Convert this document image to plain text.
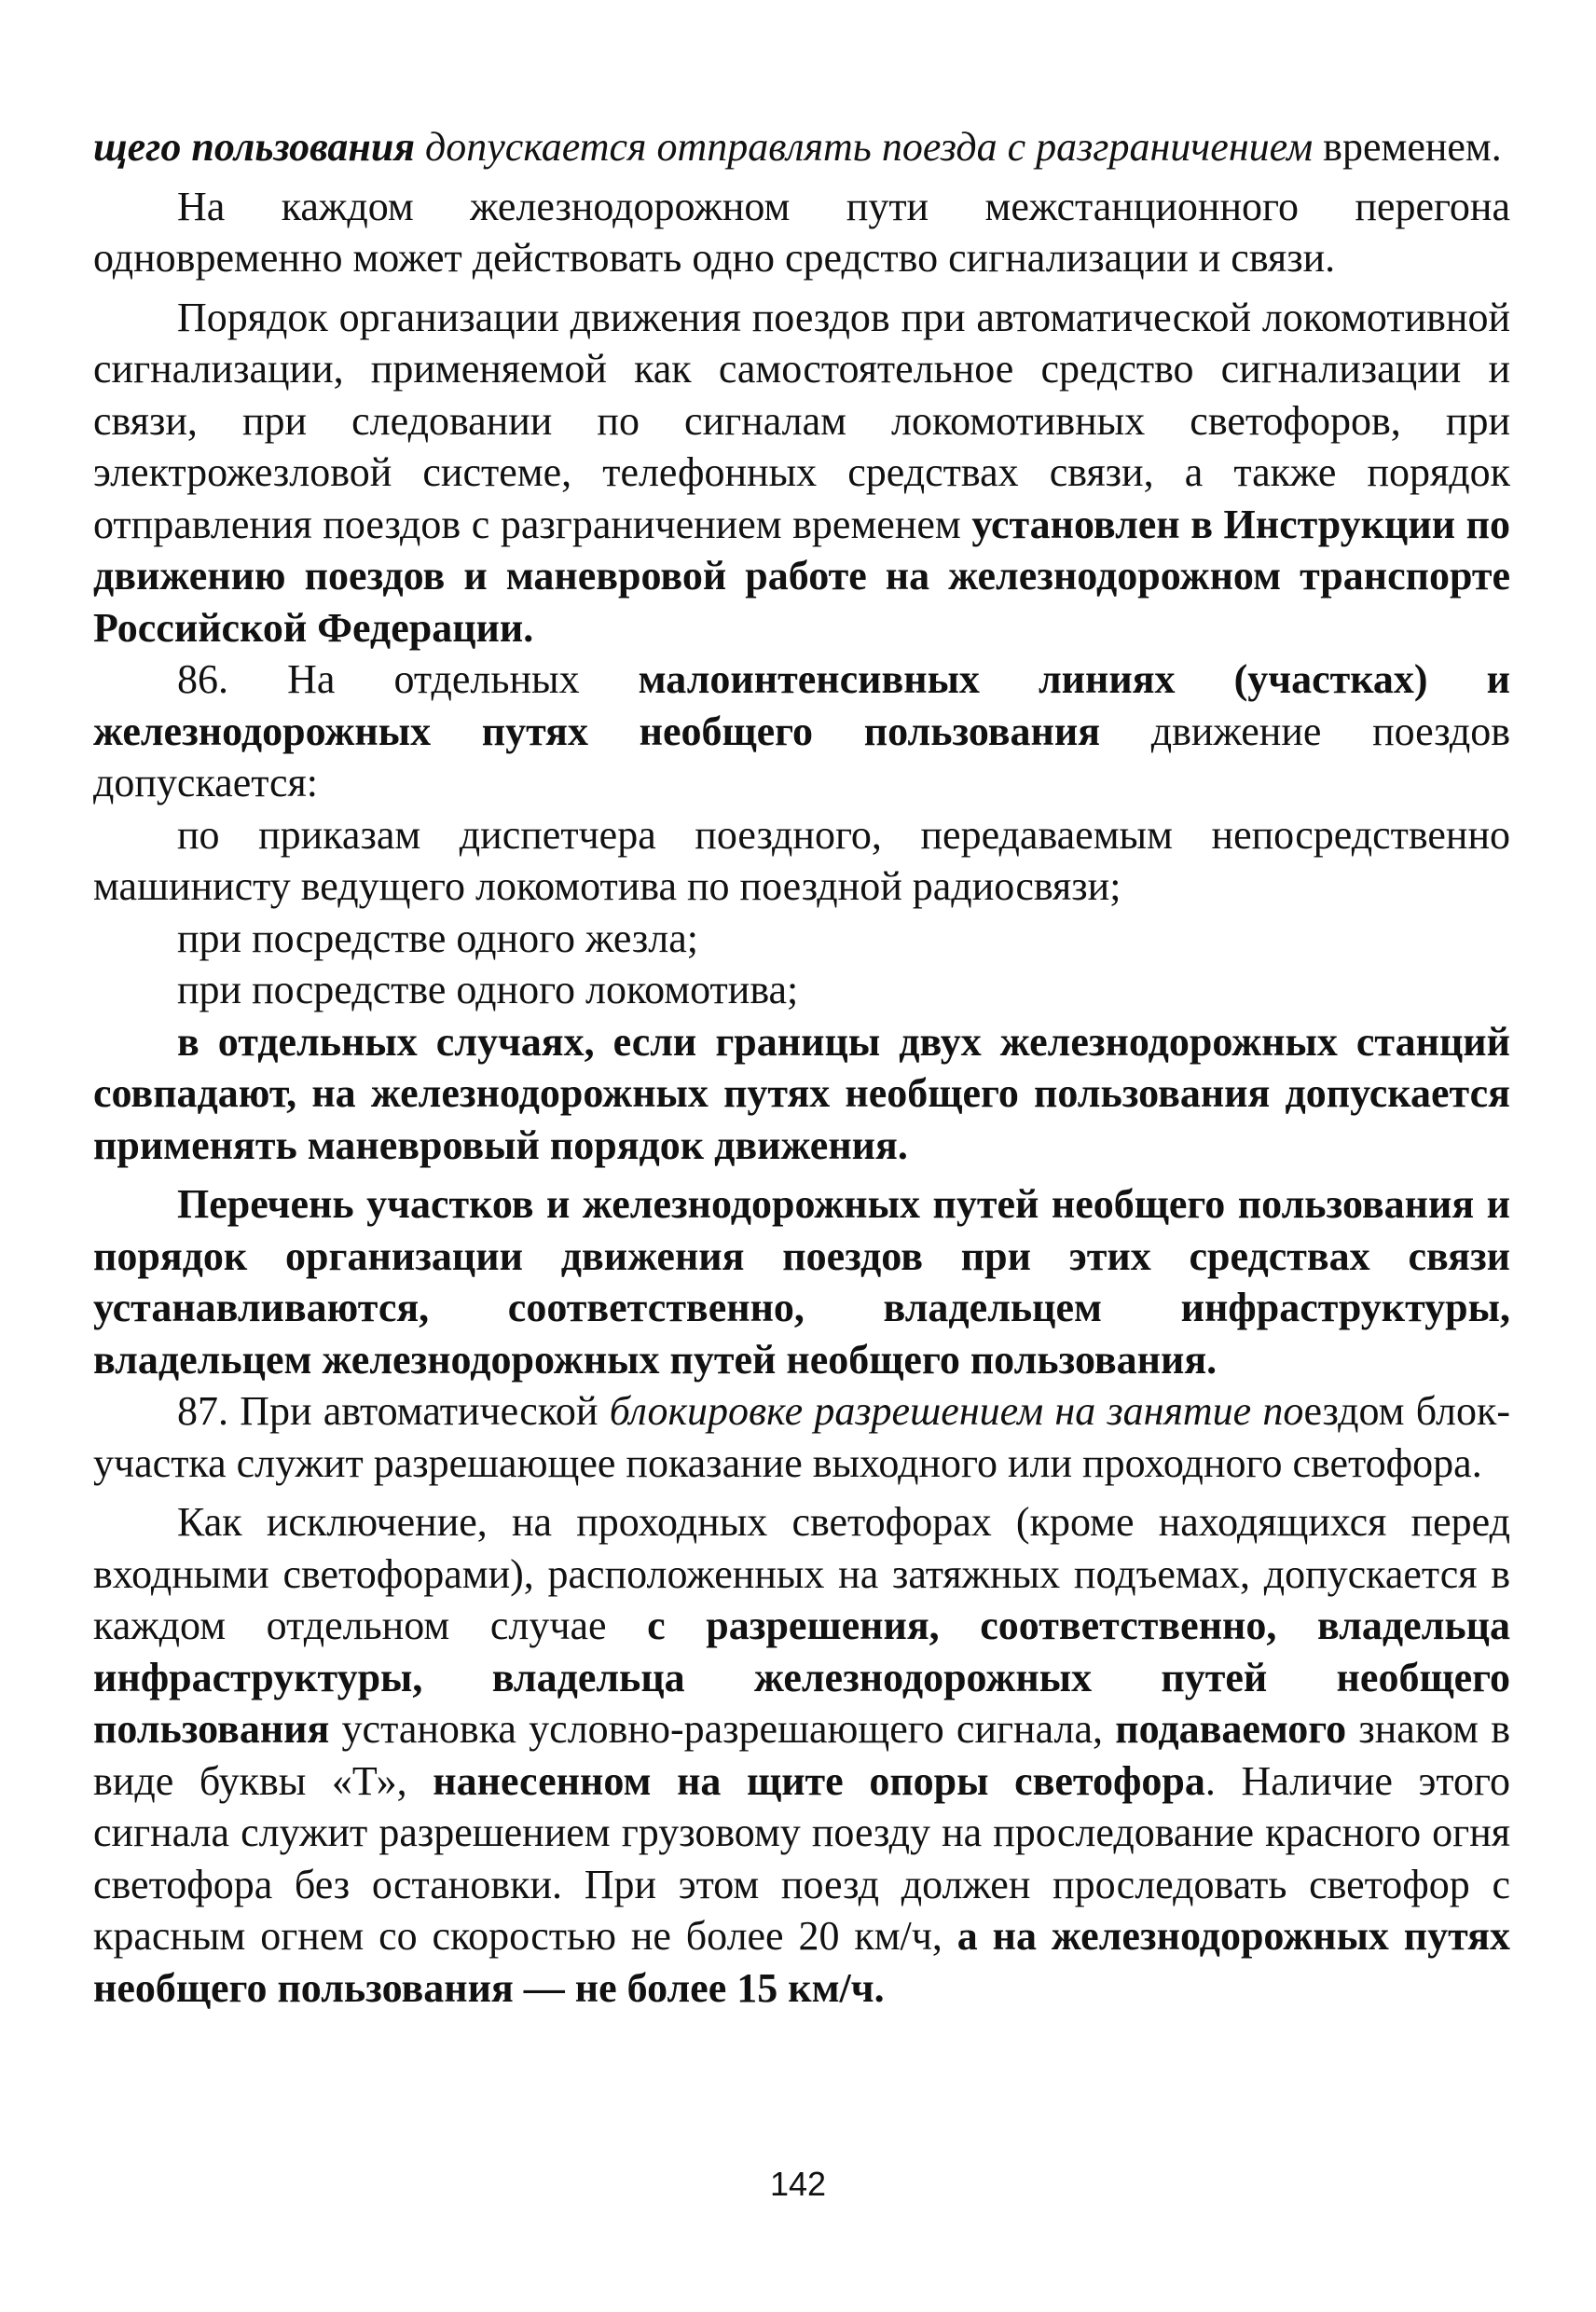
щего пользования допускается отправлять поезда с разграничением временем.

На каждом железнодорожном пути межстанционного перегона одновременно может действовать одно средство сигнализации и связи.

Порядок организации движения поездов при автоматической локомотивной сигнализации, применяемой как самостоятельное средство сигнализации и связи, при следовании по сигналам локомотивных светофоров, при электрожезловой системе, телефонных средствах связи, а также порядок отправления поездов с разграничением временем установлен в Инструкции по движению поездов и маневровой работе на железнодорожном транспорте Российской Федерации.

86. На отдельных малоинтенсивных линиях (участках) и железнодорожных путях необщего пользования движение поездов допускается:

по приказам диспетчера поездного, передаваемым непосредственно машинисту ведущего локомотива по поездной радиосвязи;

при посредстве одного жезла;

при посредстве одного локомотива;

в отдельных случаях, если границы двух железнодорожных станций совпадают, на железнодорожных путях необщего пользования допускается применять маневровый порядок движения.

Перечень участков и железнодорожных путей необщего пользования и порядок организации движения поездов при этих средствах связи устанавливаются, соответственно, владельцем инфраструктуры, владельцем железнодорожных путей необщего пользования.

87. При автоматической блокировке разрешением на занятие поездом блок-участка служит разрешающее показание выходного или проходного светофора.

Как исключение, на проходных светофорах (кроме находящихся перед входными светофорами), расположенных на затяжных подъемах, допускается в каждом отдельном случае с разрешения, соответственно, владельца инфраструктуры, владельца железнодорожных путей необщего пользования установка условно-разрешающего сигнала, подаваемого знаком в виде буквы «Т», нанесенном на щите опоры светофора. Наличие этого сигнала служит разрешением грузовому поезду на проследование красного огня светофора без остановки. При этом поезд должен проследовать светофор с красным огнем со скоростью не более 20 км/ч, а на железнодорожных путях необщего пользования — не более 15 км/ч.

142
